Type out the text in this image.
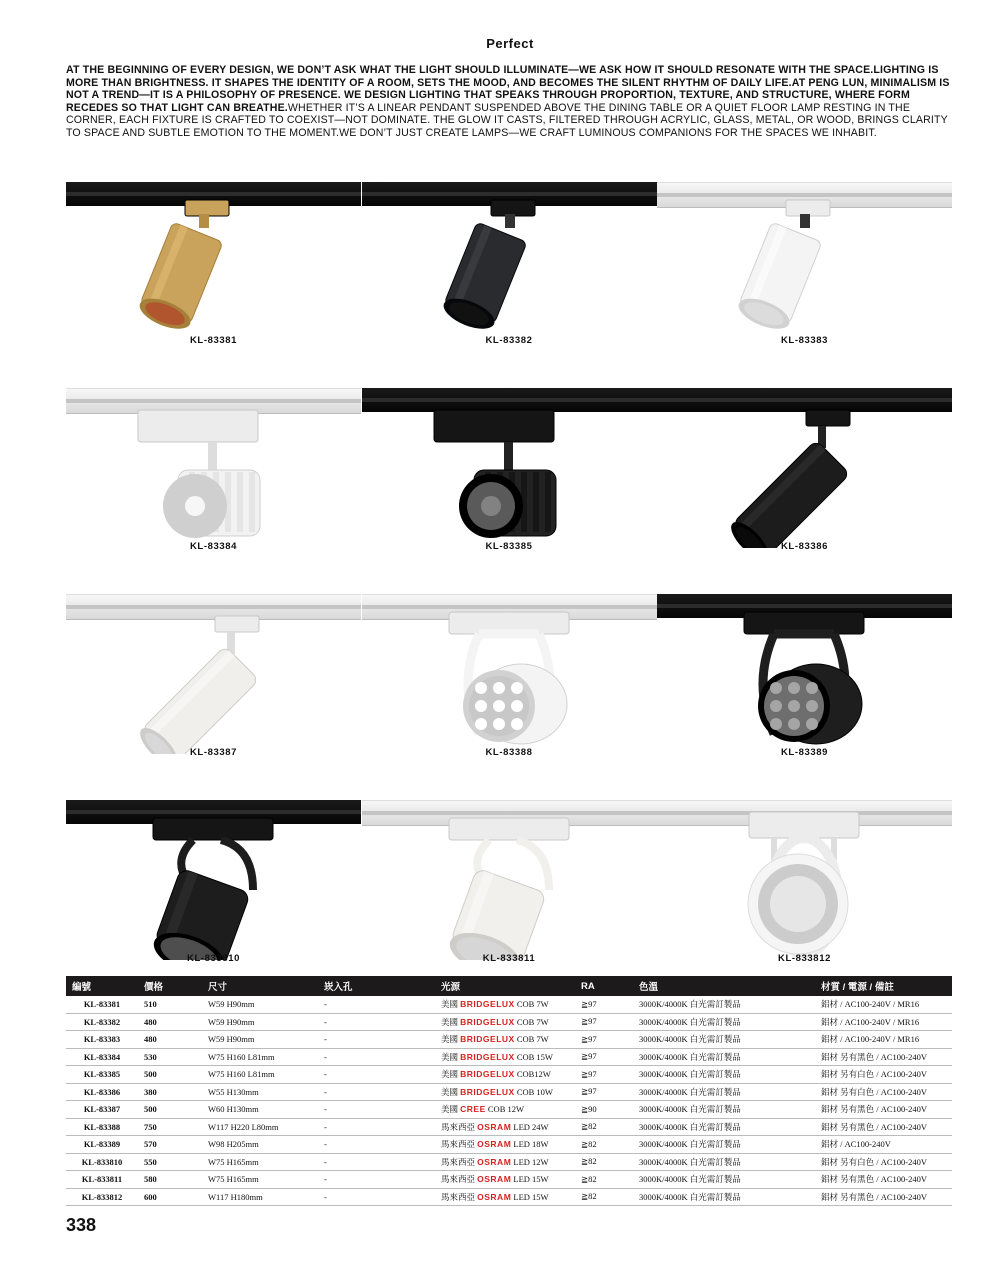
Perfect
AT THE BEGINNING OF EVERY DESIGN, WE DON’T ASK WHAT THE LIGHT SHOULD ILLUMINATE—WE ASK HOW IT SHOULD RESONATE WITH THE SPACE.LIGHTING IS MORE THAN BRIGHTNESS. IT SHAPES THE IDENTITY OF A ROOM, SETS THE MOOD, AND BECOMES THE SILENT RHYTHM OF DAILY LIFE.AT PENG LUN, MINIMALISM IS NOT A TREND—IT IS A PHILOSOPHY OF PRESENCE. WE DESIGN LIGHTING THAT SPEAKS THROUGH PROPORTION, TEXTURE, AND STRUCTURE, WHERE FORM RECEDES SO THAT LIGHT CAN BREATHE.WHETHER IT’S A LINEAR PENDANT SUSPENDED ABOVE THE DINING TABLE OR A QUIET FLOOR LAMP RESTING IN THE CORNER, EACH FIXTURE IS CRAFTED TO COEXIST—NOT DOMINATE. THE GLOW IT CASTS, FILTERED THROUGH ACRYLIC, GLASS, METAL, OR WOOD, BRINGS CLARITY TO SPACE AND SUBTLE EMOTION TO THE MOMENT.WE DON’T JUST CREATE LAMPS—WE CRAFT LUMINOUS COMPANIONS FOR THE SPACES WE INHABIT.
KL-83381	KL-83382	KL-83383
KL-83384	KL-83385	KL-83386
KL-83387	KL-83388	KL-83389
KL-833810	KL-833811	KL-833812
編號	價格	尺寸	崁入孔	光源	RA	色溫	材質 / 電源 / 備註
KL-83381	510	W59 H90mm	-	美國 BRIDGELUX COB 7W	≧97	3000K/4000K 白光需訂製品	鋁材 / AC100-240V / MR16
KL-83382	480	W59 H90mm	-	美國 BRIDGELUX COB 7W	≧97	3000K/4000K 白光需訂製品	鋁材 / AC100-240V / MR16
KL-83383	480	W59 H90mm	-	美國 BRIDGELUX COB 7W	≧97	3000K/4000K 白光需訂製品	鋁材 / AC100-240V / MR16
KL-83384	530	W75 H160 L81mm	-	美國 BRIDGELUX COB 15W	≧97	3000K/4000K 白光需訂製品	鋁材 另有黑色 / AC100-240V
KL-83385	500	W75 H160 L81mm	-	美國 BRIDGELUX COB12W	≧97	3000K/4000K 白光需訂製品	鋁材 另有白色 / AC100-240V
KL-83386	380	W55 H130mm	-	美國 BRIDGELUX COB 10W	≧97	3000K/4000K 白光需訂製品	鋁材 另有白色 / AC100-240V
KL-83387	500	W60 H130mm	-	美國 CREE COB 12W	≧90	3000K/4000K 白光需訂製品	鋁材 另有黑色 / AC100-240V
KL-83388	750	W117 H220 L80mm	-	馬來西亞 OSRAM LED 24W	≧82	3000K/4000K 白光需訂製品	鋁材 另有黑色 / AC100-240V
KL-83389	570	W98 H205mm	-	馬來西亞 OSRAM LED 18W	≧82	3000K/4000K 白光需訂製品	鋁材 / AC100-240V
KL-833810	550	W75 H165mm	-	馬來西亞 OSRAM LED 12W	≧82	3000K/4000K 白光需訂製品	鋁材 另有白色 / AC100-240V
KL-833811	580	W75 H165mm	-	馬來西亞 OSRAM LED 15W	≧82	3000K/4000K 白光需訂製品	鋁材 另有黑色 / AC100-240V
KL-833812	600	W117 H180mm	-	馬來西亞 OSRAM LED 15W	≧82	3000K/4000K 白光需訂製品	鋁材 另有黑色 / AC100-240V
338
